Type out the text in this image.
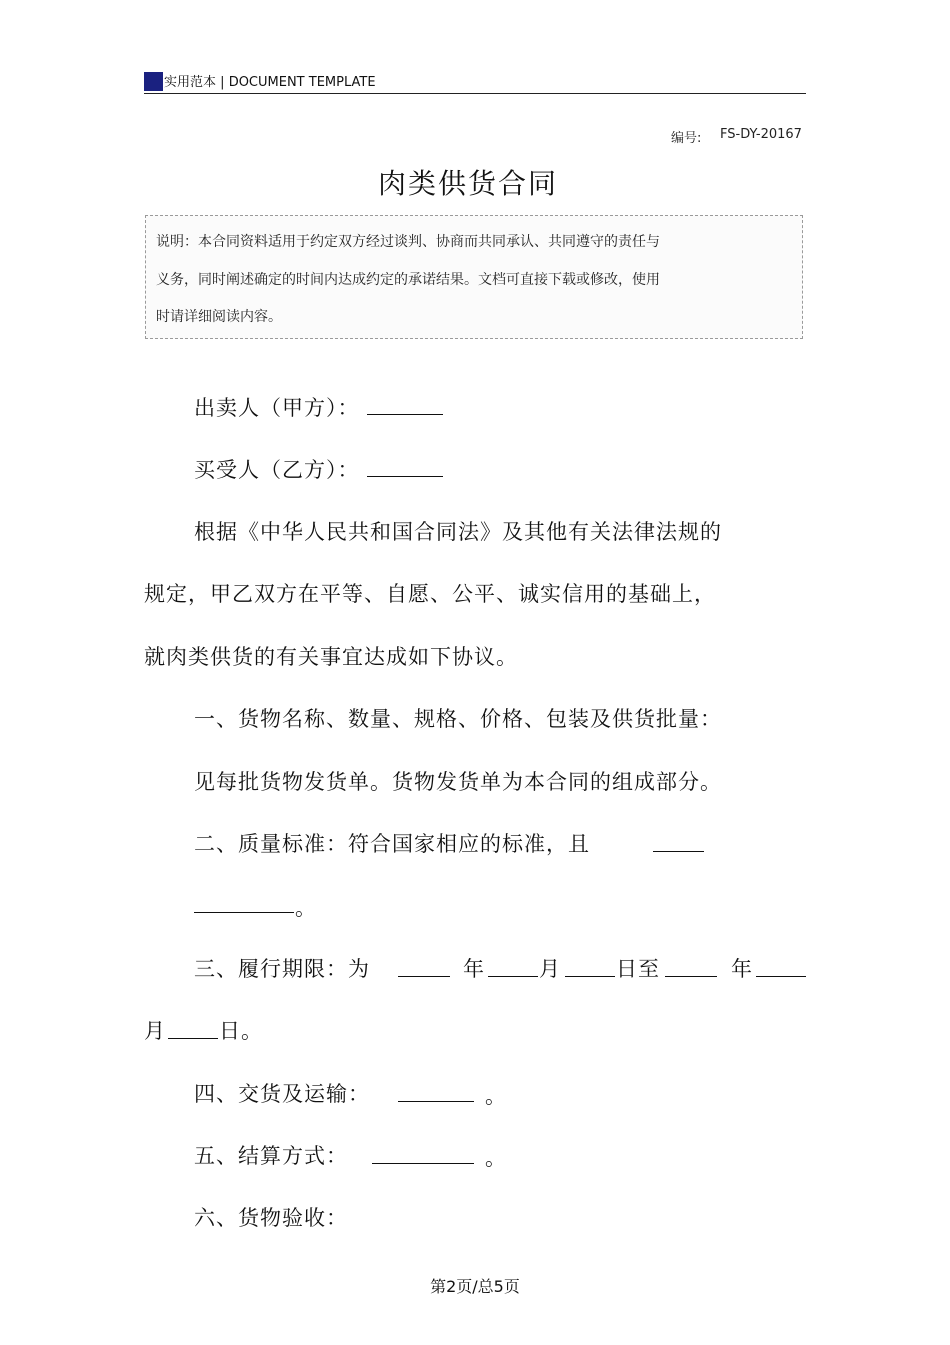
实用范本 | DOCUMENT TEMPLATE
编号: FS-DY-20167
肉类供货合同
说明：本合同资料适用于约定双方经过谈判、协商而共同承认、共同遵守的责任与
义务，同时阐述确定的时间内达成约定的承诺结果。文档可直接下载或修改，使用
时请详细阅读内容。
出卖人（甲方）：
买受人（乙方）：
根据《中华人民共和国合同法》及其他有关法律法规的
规定，甲乙双方在平等、自愿、公平、诚实信用的基础上，
就肉类供货的有关事宜达成如下协议。
一、货物名称、数量、规格、价格、包装及供货批量：
见每批货物发货单。货物发货单为本合同的组成部分。
二、质量标准：符合国家相应的标准，且
。
三、履行期限：为	年	月	日至	年
月	日。
四、交货及运输：	。
五、结算方式：	。
六、货物验收：
第2页/总5页
